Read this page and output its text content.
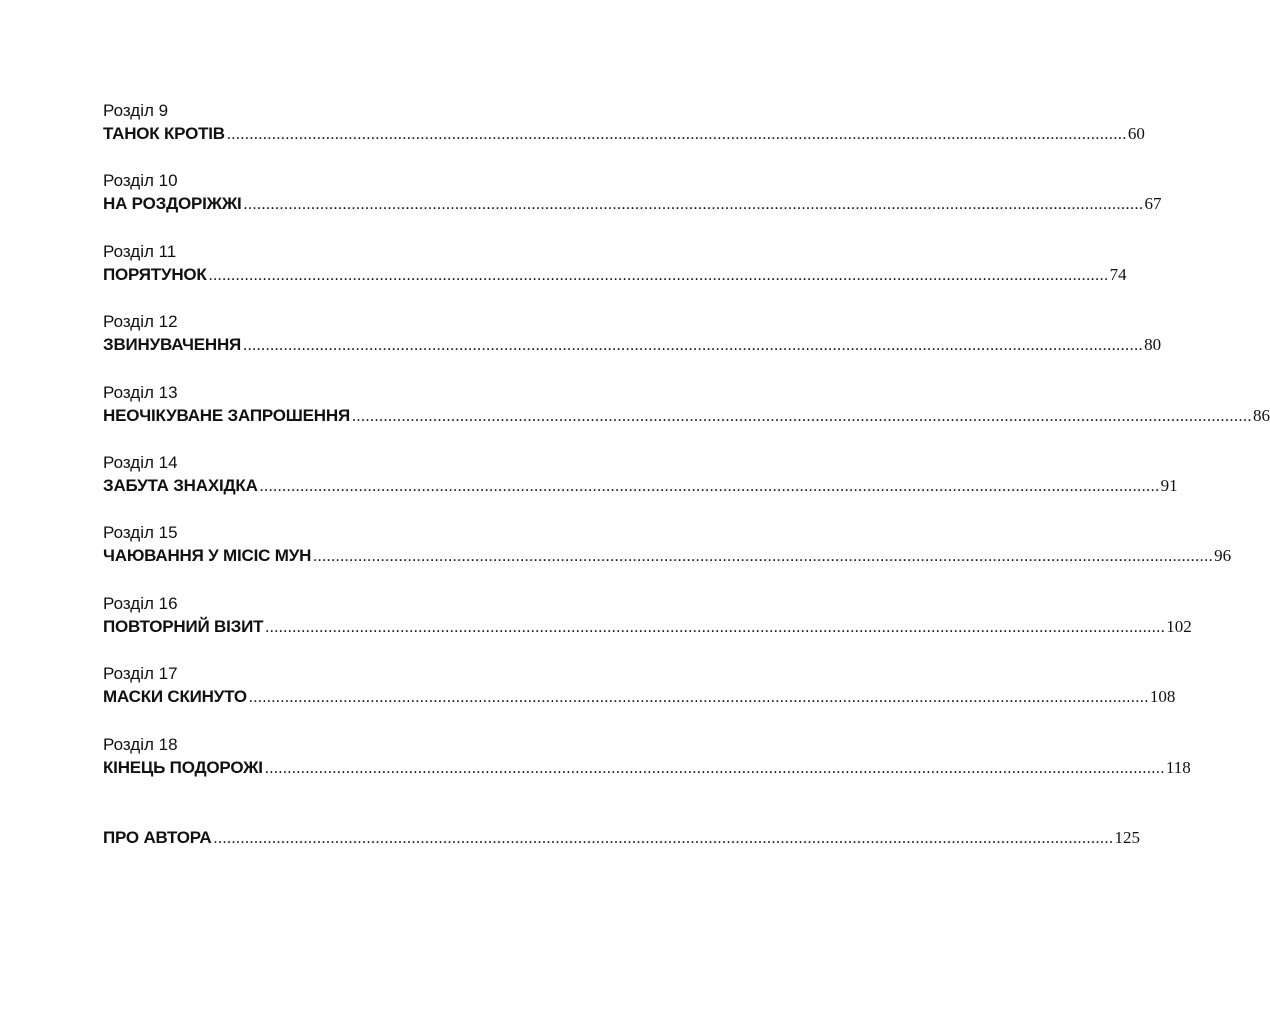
Розділ 9
ТАНОК КРОТІВ ........................................................................................................................................................................................................ 60
Розділ 10
НА РОЗДОРІЖЖІ ........................................................................................................................................................................................................ 67
Розділ 11
ПОРЯТУНОК ........................................................................................................................................................................................................ 74
Розділ 12
ЗВИНУВАЧЕННЯ ........................................................................................................................................................................................................ 80
Розділ 13
НЕОЧІКУВАНЕ ЗАПРОШЕННЯ ........................................................................................................................................................................................................ 86
Розділ 14
ЗАБУТА ЗНАХІДКА ........................................................................................................................................................................................................ 91
Розділ 15
ЧАЮВАННЯ У МІСІС МУН ........................................................................................................................................................................................................ 96
Розділ 16
ПОВТОРНИЙ ВІЗИТ ........................................................................................................................................................................................................ 102
Розділ 17
МАСКИ СКИНУТО ........................................................................................................................................................................................................ 108
Розділ 18
КІНЕЦЬ ПОДОРОЖІ ........................................................................................................................................................................................................ 118
ПРО АВТОРА ........................................................................................................................................................................................................ 125
